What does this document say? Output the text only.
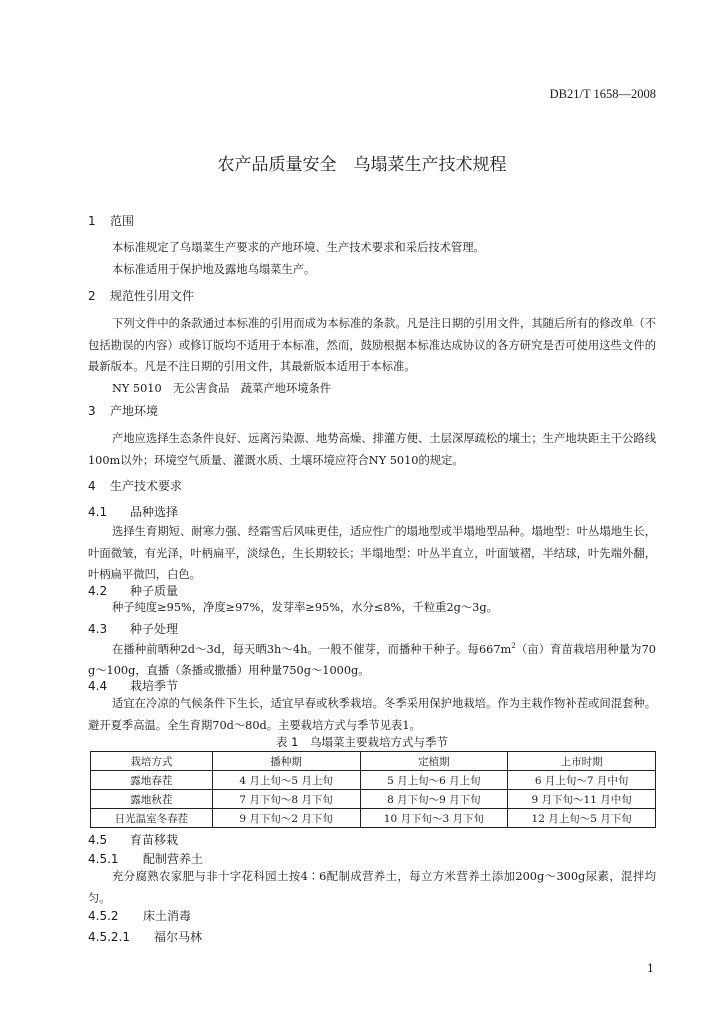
DB21/T 1658—2008
农产品质量安全　乌塌菜生产技术规程

1 范围

本标准规定了乌塌菜生产要求的产地环境、生产技术要求和采后技术管理。

本标准适用于保护地及露地乌塌菜生产。

2 规范性引用文件

下列文件中的条款通过本标准的引用而成为本标准的条款。凡是注日期的引用文件，其随后所有的修改单（不包括勘误的内容）或修订版均不适用于本标准，然而，鼓励根据本标准达成协议的各方研究是否可使用这些文件的最新版本。凡是不注日期的引用文件，其最新版本适用于本标准。

NY 5010　无公害食品　蔬菜产地环境条件

3 产地环境

产地应选择生态条件良好、远离污染源、地势高燥、排灌方便、土层深厚疏松的壤土；生产地块距主干公路线100m以外；环境空气质量、灌溉水质、土壤环境应符合NY 5010的规定。

4 生产技术要求

4.1 品种选择

选择生育期短、耐寒力强、经霜雪后风味更佳，适应性广的塌地型或半塌地型品种。塌地型：叶丛塌地生长，叶面微皱，有光泽，叶柄扁平，淡绿色，生长期较长；半塌地型：叶丛半直立，叶面皱褶，半结球，叶先端外翻，叶柄扁平微凹，白色。

4.2 种子质量

种子纯度≥95%，净度≥97%，发芽率≥95%，水分≤8%，千粒重2g～3g。

4.3 种子处理

在播种前晒种2d～3d，每天晒3h～4h。一般不催芽，而播种干种子。每$667m^2$（亩）育苗栽培用种量为70g～100g，直播（条播或撒播）用种量750g～1000g。

4.4 栽培季节

适宜在冷凉的气候条件下生长，适宜早春或秋季栽培。冬季采用保护地栽培。作为主栽作物补茬或间混套种。避开夏季高温。全生育期70d～80d。主要栽培方式与季节见表1。

表 1　乌塌菜主要栽培方式与季节

栽培方式	播种期	定植期	上市时期
露地春茬	4 月上旬～5 月上旬	5 月上旬～6 月上旬	6 月上旬～7 月中旬
露地秋茬	7 月下旬～8 月下旬	8 月下旬～9 月下旬	9 月下旬～11 月中旬
日光温室冬春茬	9 月下旬～2 月下旬	10 月下旬～3 月下旬	12 月上旬～5 月下旬

4.5 育苗移栽

4.5.1 配制营养土

充分腐熟农家肥与非十字花科园土按4∶6配制成营养土，每立方米营养土添加200g～300g尿素，混拌均匀。

4.5.2 床土消毒

4.5.2.1 福尔马林

1
